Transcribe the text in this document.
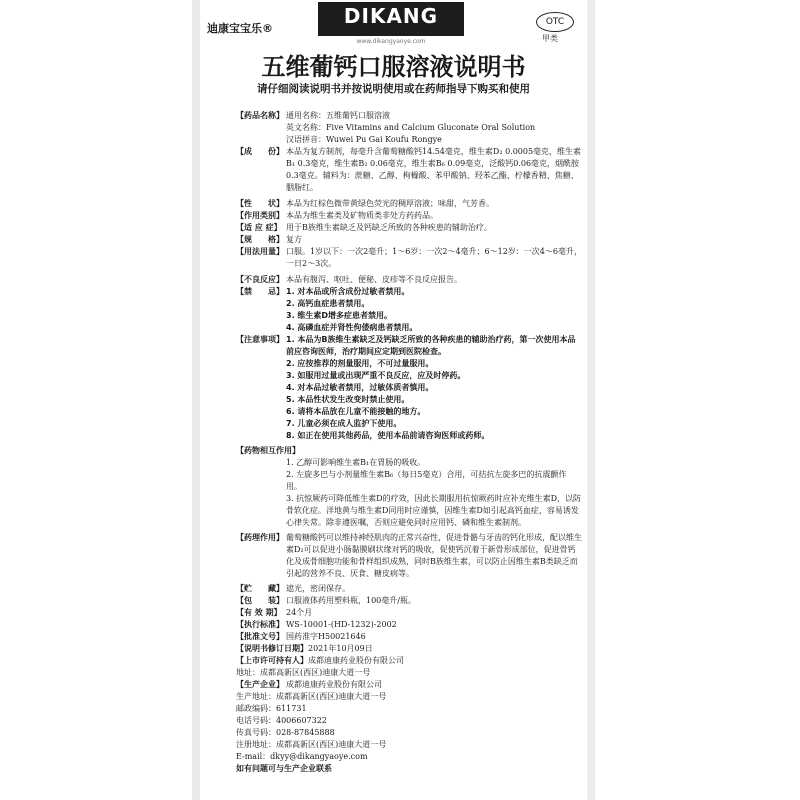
迪康宝宝乐®
DIKANG
www.dikangyaoye.com
OTC
甲类
五维葡钙口服溶液说明书
请仔细阅读说明书并按说明使用或在药师指导下购买和使用
【药品名称】 通用名称：五维葡钙口服溶液
英文名称：Five Vitamins and Calcium Gluconate Oral Solution
汉语拼音：Wuwei Pu Gai Koufu Rongye
【成　　份】 本品为复方制剂，每毫升含葡萄糖酸钙14.54毫克，维生素D₂ 0.0005毫克，维生素B₁ 0.3毫克，维生素B₂ 0.06毫克，维生素B₆ 0.09毫克，泛酸钙0.06毫克，烟酰胺0.3毫克。辅料为：蔗糖、乙醇、枸橼酸、苯甲酸钠、羟苯乙酯、柠檬香精、焦糖、胭脂红。
【性　　状】 本品为红棕色微带黄绿色荧光的稠厚溶液；味甜，气芳香。
【作用类别】 本品为维生素类及矿物质类非处方药药品。
【适 应 症】 用于B族维生素缺乏及钙缺乏所致的各种疾患的辅助治疗。
【规　　格】 复方
【用法用量】 口服。1岁以下：一次2毫升；1～6岁：一次2～4毫升；6～12岁：一次4～6毫升，一日2～3次。
【不良反应】 本品有腹泻、呕吐、便秘、皮疹等不良反应报告。
【禁　　忌】 1. 对本品或所含成份过敏者禁用。
2. 高钙血症患者禁用。
3. 维生素D增多症患者禁用。
4. 高磷血症并肾性佝偻病患者禁用。
【注意事项】 1. 本品为B族维生素缺乏及钙缺乏所致的各种疾患的辅助治疗药，第一次使用本品前应咨询医师，治疗期间应定期到医院检查。
2. 应按推荐的剂量服用，不可过量服用。
3. 如服用过量或出现严重不良反应，应及时停药。
4. 对本品过敏者禁用，过敏体质者慎用。
5. 本品性状发生改变时禁止使用。
6. 请将本品放在儿童不能接触的地方。
7. 儿童必须在成人监护下使用。
8. 如正在使用其他药品，使用本品前请咨询医师或药师。
【药物相互作用】
1. 乙醇可影响维生素B₁在胃肠的吸收。
2. 左旋多巴与小剂量维生素B₆（每日5毫克）合用，可拮抗左旋多巴的抗震颤作用。
3. 抗惊厥药可降低维生素D的疗效，因此长期服用抗惊厥药时应补充维生素D，以防骨软化症。洋地黄与维生素D同用时应谨慎，因维生素D如引起高钙血症，容易诱发心律失常。除非遵医嘱，否则应避免同时应用钙、磷和维生素制剂。
【药理作用】 葡萄糖酸钙可以维持神经肌肉的正常兴奋性，促进骨骼与牙齿的钙化形成，配以维生素D₂可以促进小肠黏膜刷状缘对钙的吸收，促使钙沉着于新骨形成部位，促进骨钙化及成骨细胞功能和骨样组织成熟，同时B族维生素，可以防止因维生素B类缺乏而引起的营养不良、厌食、糖皮病等。
【贮　　藏】 遮光，密闭保存。
【包　　装】 口服液体药用塑料瓶，100毫升/瓶。
【有 效 期】 24个月
【执行标准】 WS-10001-(HD-1232)-2002
【批准文号】 国药准字H50021646
【说明书修订日期】 2021年10月09日
【上市许可持有人】 成都迪康药业股份有限公司
地址：成都高新区(西区)迪康大道一号
【生产企业】 成都迪康药业股份有限公司
生产地址：成都高新区(西区)迪康大道一号
邮政编码：611731
电话号码：4006607322
传真号码：028-87845888
注册地址：成都高新区(西区)迪康大道一号
E-mail：dkyy@dikangyaoye.com
如有问题可与生产企业联系
